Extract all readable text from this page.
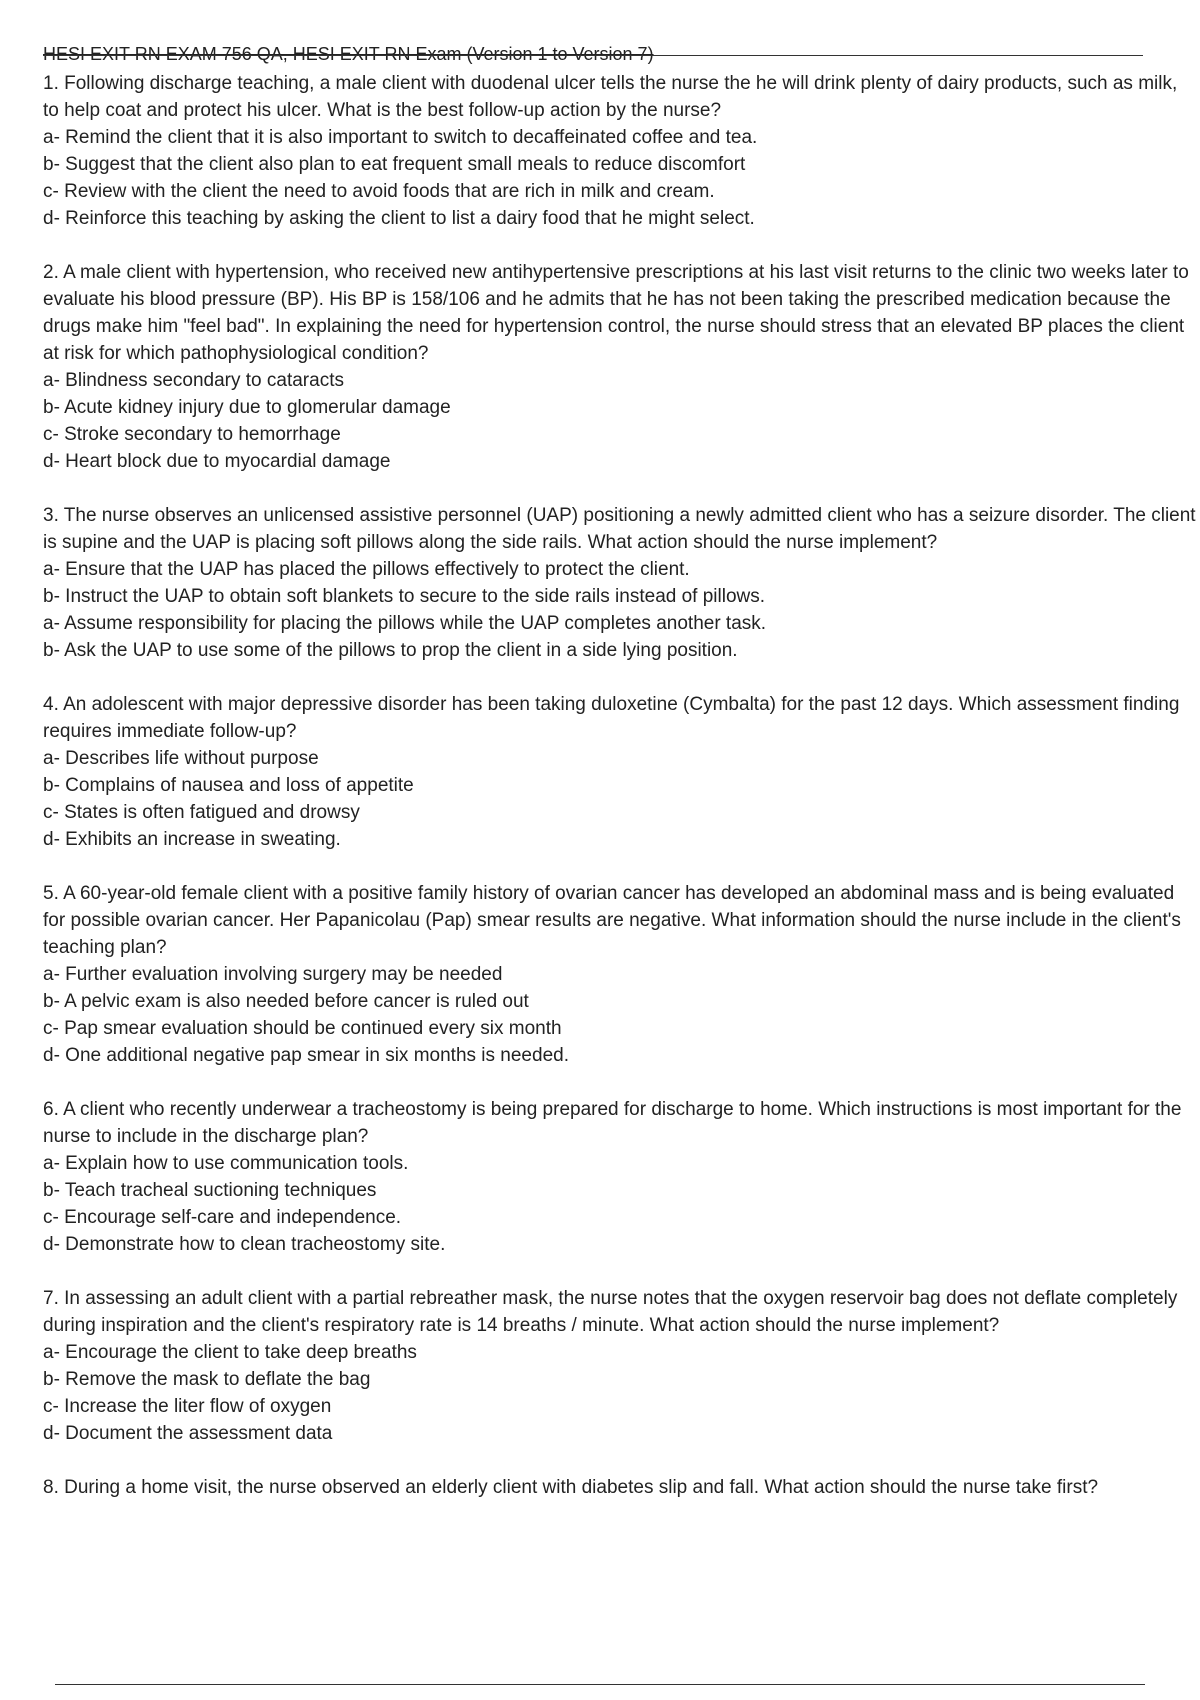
HESI EXIT RN EXAM 756 QA, HESI EXIT RN Exam (Version 1 to Version 7)

1. Following discharge teaching, a male client with duodenal ulcer tells the nurse the he will drink plenty of dairy products, such as milk, to help coat and protect his ulcer. What is the best follow-up action by the nurse?

a- Remind the client that it is also important to switch to decaffeinated coffee and tea.
b- Suggest that the client also plan to eat frequent small meals to reduce discomfort
c- Review with the client the need to avoid foods that are rich in milk and cream.
d- Reinforce this teaching by asking the client to list a dairy food that he might select.

2. A male client with hypertension, who received new antihypertensive prescriptions at his last visit returns to the clinic two weeks later to evaluate his blood pressure (BP). His BP is 158/106 and he admits that he has not been taking the prescribed medication because the drugs make him "feel bad". In explaining the need for hypertension control, the nurse should stress that an elevated BP places the client at risk for which pathophysiological condition?

a- Blindness secondary to cataracts
b- Acute kidney injury due to glomerular damage
c- Stroke secondary to hemorrhage
d- Heart block due to myocardial damage

3. The nurse observes an unlicensed assistive personnel (UAP) positioning a newly admitted client who has a seizure disorder. The client is supine and the UAP is placing soft pillows along the side rails. What action should the nurse implement?

a- Ensure that the UAP has placed the pillows effectively to protect the client.
b- Instruct the UAP to obtain soft blankets to secure to the side rails instead of pillows.
a- Assume responsibility for placing the pillows while the UAP completes another task.
b- Ask the UAP to use some of the pillows to prop the client in a side lying position.

4. An adolescent with major depressive disorder has been taking duloxetine (Cymbalta) for the past 12 days. Which assessment finding requires immediate follow-up?

a- Describes life without purpose
b- Complains of nausea and loss of appetite
c- States is often fatigued and drowsy
d- Exhibits an increase in sweating.

5. A 60-year-old female client with a positive family history of ovarian cancer has developed an abdominal mass and is being evaluated for possible ovarian cancer. Her Papanicolau (Pap) smear results are negative. What information should the nurse include in the client's teaching plan?

a- Further evaluation involving surgery may be needed
b- A pelvic exam is also needed before cancer is ruled out
c- Pap smear evaluation should be continued every six month
d- One additional negative pap smear in six months is needed.

6. A client who recently underwear a tracheostomy is being prepared for discharge to home. Which instructions is most important for the nurse to include in the discharge plan?

a- Explain how to use communication tools.
b- Teach tracheal suctioning techniques
c- Encourage self-care and independence.
d- Demonstrate how to clean tracheostomy site.

7. In assessing an adult client with a partial rebreather mask, the nurse notes that the oxygen reservoir bag does not deflate completely during inspiration and the client's respiratory rate is 14 breaths / minute. What action should the nurse implement?

a- Encourage the client to take deep breaths
b- Remove the mask to deflate the bag
c- Increase the liter flow of oxygen
d- Document the assessment data

8. During a home visit, the nurse observed an elderly client with diabetes slip and fall. What action should the nurse take first?
